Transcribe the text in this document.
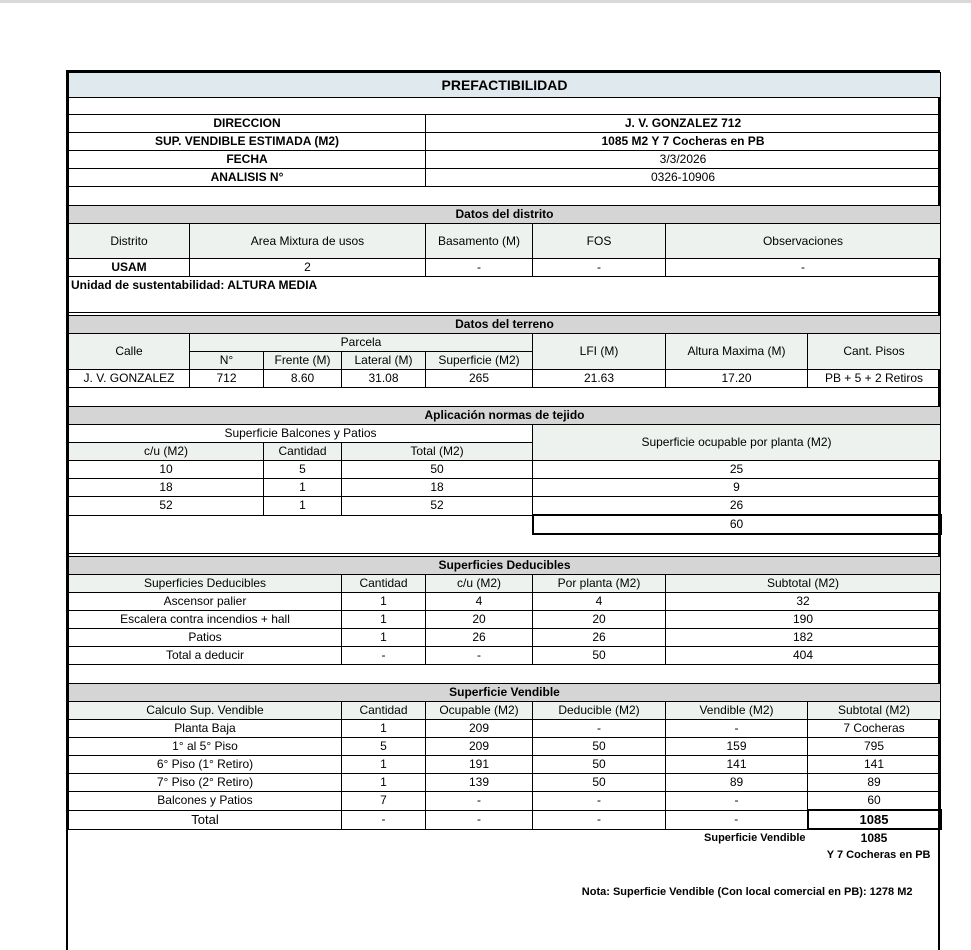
PREFACTIBILIDAD							

DIRECCION				J. V. GONZALEZ 712			
SUP. VENDIBLE ESTIMADA (M2)				1085 M2 Y 7 Cocheras en PB			
FECHA				3/3/2026			
ANALISIS N°				0326-10906			

Datos del distrito							
Distrito	Area Mixtura de usos			Basamento (M)	FOS	Observaciones	
USAM	2			-	-	-	
Unidad de sustentabilidad: ALTURA MEDIA							

Datos del terreno							
Calle	Parcela				LFI (M)	Altura Maxima (M)	Cant. Pisos
	N°	Frente (M)	Lateral (M)	Superficie (M2)			
J. V. GONZALEZ	712	8.60	31.08	265	21.63	17.20	PB + 5 + 2 Retiros

Aplicación normas de tejido							
Superficie Balcones y Patios					Superficie ocupable por planta (M2)		
c/u (M2)		Cantidad	Total (M2)				
10		5	50		25		
18		1	18		9		
52		1	52		26		
					60		

Superficies Deducibles							
Superficies Deducibles			Cantidad	c/u (M2)	Por planta (M2)	Subtotal (M2)	
Ascensor palier			1	4	4	32	
Escalera contra incendios + hall			1	20	20	190	
Patios			1	26	26	182	
Total a deducir			-	-	50	404	

Superficie Vendible							
Calculo Sup. Vendible			Cantidad	Ocupable (M2)	Deducible (M2)	Vendible (M2)	Subtotal (M2)
Planta Baja			1	209	-	-	7 Cocheras
1° al 5° Piso			5	209	50	159	795
6° Piso (1° Retiro)			1	191	50	141	141
7° Piso (2° Retiro)			1	139	50	89	89
Balcones y Patios			7	-	-	-	60
Total			-	-	-	-	1085
						Superficie Vendible	1085
						Y 7 Cocheras en PB	

Nota: Superficie Vendible (Con local comercial en PB): 1278 M2							
